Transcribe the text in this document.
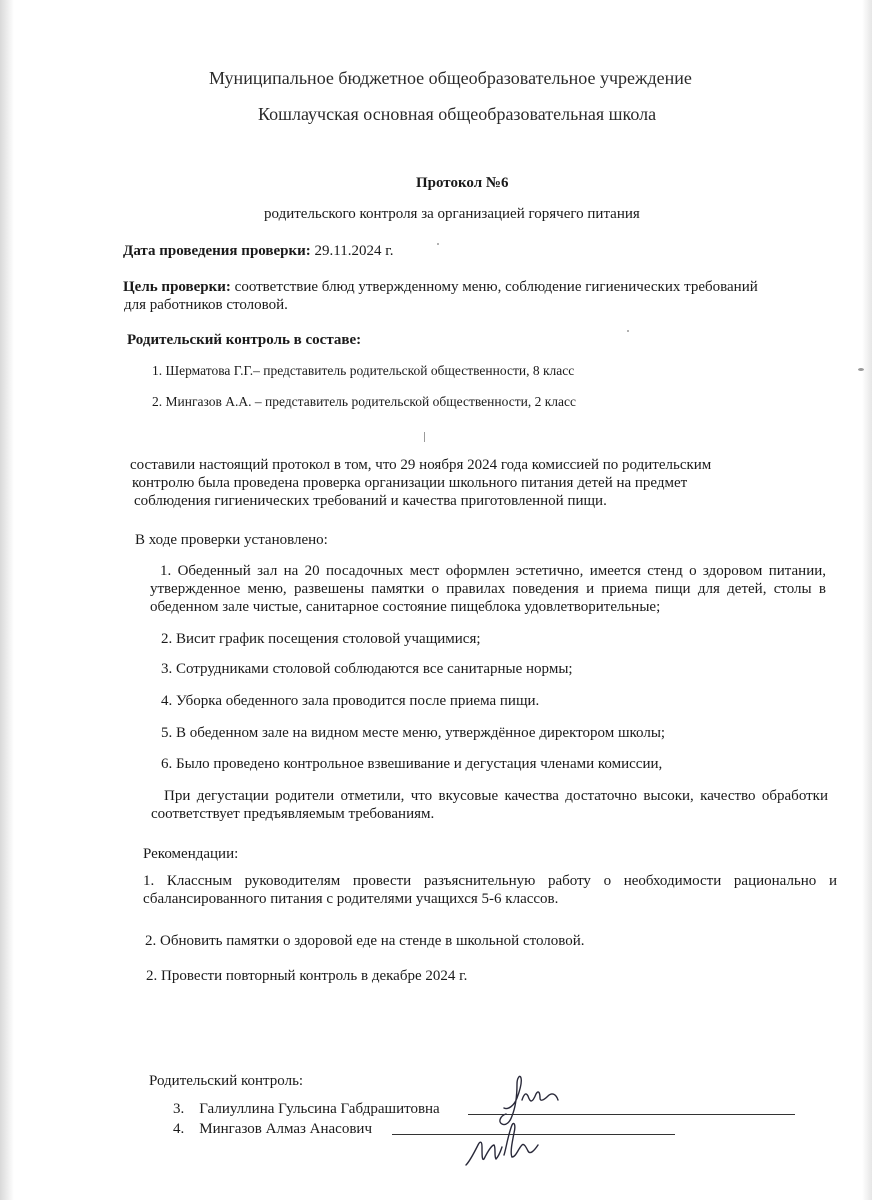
Муниципальное бюджетное общеобразовательное учреждение
Кошлаучская основная общеобразовательная школа
Протокол №6
родительского контроля за организацией горячего питания
Дата проведения проверки: 29.11.2024 г.
Цель проверки: соответствие блюд утвержденному меню, соблюдение гигиенических требований
для работников столовой.
Родительский контроль в составе:
1. Шерматова Г.Г.– представитель родительской общественности, 8 класс
2. Мингазов А.А. – представитель родительской общественности, 2 класс
составили настоящий протокол в том, что 29 ноября 2024 года комиссией по родительским
контролю была проведена проверка организации школьного питания детей на предмет
соблюдения гигиенических требований и качества приготовленной пищи.
В ходе проверки установлено:
1. Обеденный зал на 20 посадочных мест оформлен эстетично, имеется стенд о здоровом питании, утвержденное меню, развешены памятки о правилах поведения и приема пищи для детей, столы в обеденном зале чистые, санитарное состояние пищеблока удовлетворительные;
2. Висит график посещения столовой учащимися;
3. Сотрудниками столовой соблюдаются все санитарные нормы;
4. Уборка обеденного зала проводится после приема пищи.
5. В обеденном зале на видном месте меню, утверждённое директором школы;
6. Было проведено контрольное взвешивание и дегустация членами комиссии,
При дегустации родители отметили, что вкусовые качества достаточно высоки, качество обработки соответствует предъявляемым требованиям.
Рекомендации:
1. Классным руководителям провести разъяснительную работу о необходимости рационально и сбалансированного питания с родителями учащихся 5-6 классов.
2. Обновить памятки о здоровой еде на стенде в школьной столовой.
2. Провести повторный контроль в декабре 2024 г.
Родительский контроль:
3. Галиуллина Гульсина Габдрашитовна
4. Мингазов Алмаз Анасович
